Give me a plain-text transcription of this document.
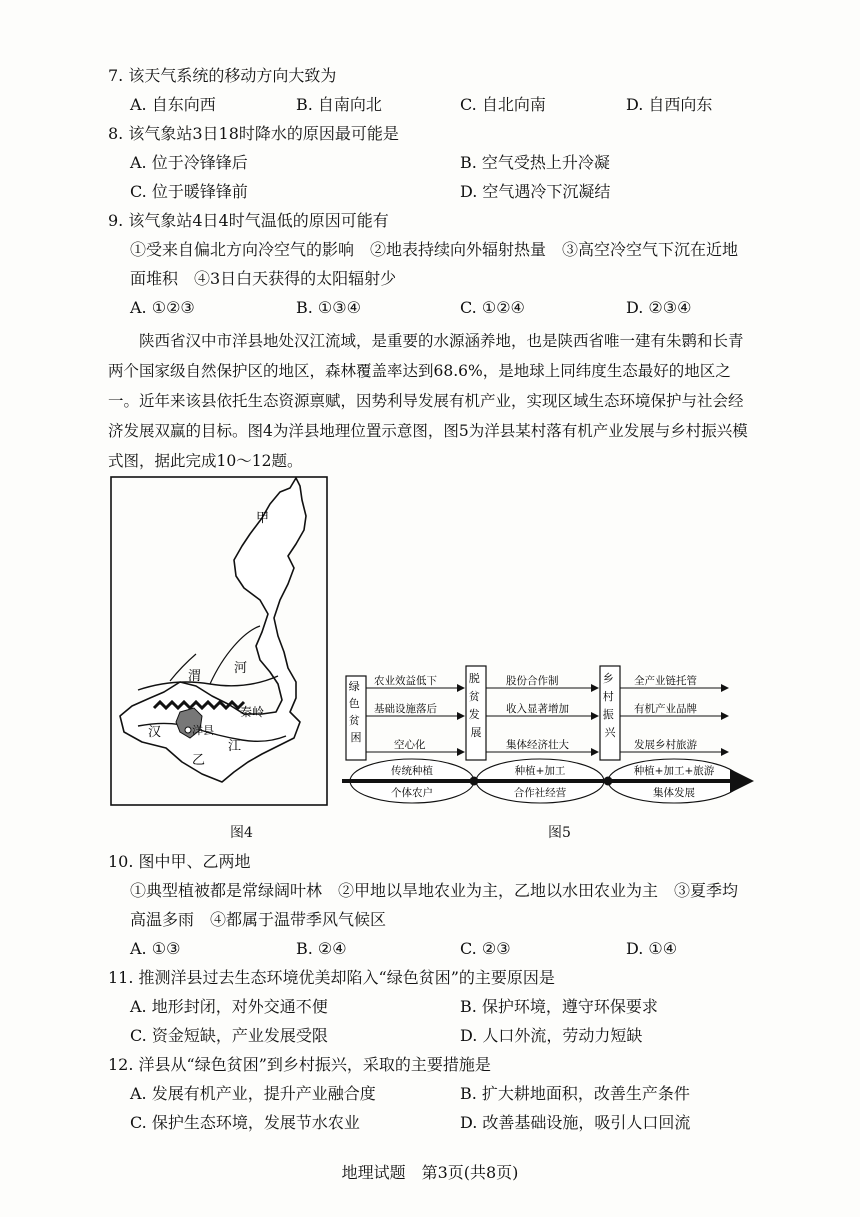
7. 该天气系统的移动方向大致为
A. 自东向西	B. 自南向北	C. 自北向南	D. 自西向东
8. 该气象站3日18时降水的原因最可能是
A. 位于冷锋锋后	B. 空气受热上升冷凝
C. 位于暖锋锋前	D. 空气遇冷下沉凝结
9. 该气象站4日4时气温低的原因可能有
①受来自偏北方向冷空气的影响　②地表持续向外辐射热量　③高空冷空气下沉在近地
面堆积　④3日白天获得的太阳辐射少
A. ①②③	B. ①③④	C. ①②④	D. ②③④
陕西省汉中市洋县地处汉江流域，是重要的水源涵养地，也是陕西省唯一建有朱鹮和长青两个国家级自然保护区的地区，森林覆盖率达到68.6%，是地球上同纬度生态最好的地区之一。近年来该县依托生态资源禀赋，因势利导发展有机产业，实现区域生态环境保护与社会经济发展双赢的目标。图4为洋县地理位置示意图，图5为洋县某村落有机产业发展与乡村振兴模式图，据此完成10～12题。
甲
渭
河
秦岭
汉	洋县
江
乙
图4
绿 色 贫 困
脱 贫 发 展
乡 村 振 兴
农业效益低下
基础设施落后
空心化
股份合作制
收入显著增加
集体经济壮大
全产业链托管
有机产业品牌
发展乡村旅游
传统种植
个体农户
种植+加工
合作社经营
种植+加工+旅游
集体发展
图5
10. 图中甲、乙两地
①典型植被都是常绿阔叶林　②甲地以旱地农业为主，乙地以水田农业为主　③夏季均
高温多雨　④都属于温带季风气候区
A. ①③	B. ②④	C. ②③	D. ①④
11. 推测洋县过去生态环境优美却陷入“绿色贫困”的主要原因是
A. 地形封闭，对外交通不便	B. 保护环境，遵守环保要求
C. 资金短缺，产业发展受限	D. 人口外流，劳动力短缺
12. 洋县从“绿色贫困”到乡村振兴，采取的主要措施是
A. 发展有机产业，提升产业融合度	B. 扩大耕地面积，改善生产条件
C. 保护生态环境，发展节水农业	D. 改善基础设施，吸引人口回流
地理试题　第3页(共8页)
